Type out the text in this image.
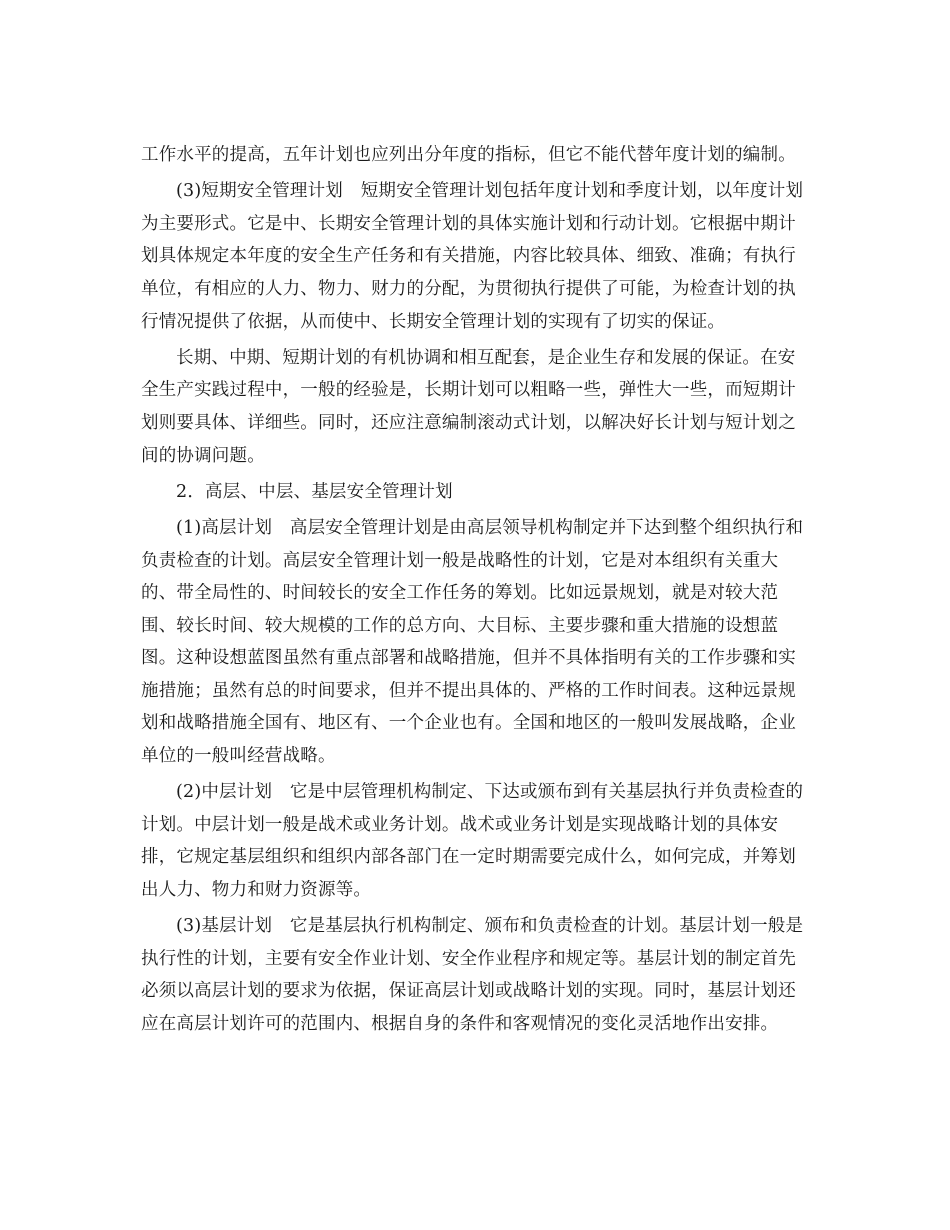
工作水平的提高，五年计划也应列出分年度的指标，但它不能代替年度计划的编制。

(3)短期安全管理计划　短期安全管理计划包括年度计划和季度计划，以年度计划为主要形式。它是中、长期安全管理计划的具体实施计划和行动计划。它根据中期计划具体规定本年度的安全生产任务和有关措施，内容比较具体、细致、准确；有执行单位，有相应的人力、物力、财力的分配，为贯彻执行提供了可能，为检查计划的执行情况提供了依据，从而使中、长期安全管理计划的实现有了切实的保证。

长期、中期、短期计划的有机协调和相互配套，是企业生存和发展的保证。在安全生产实践过程中，一般的经验是，长期计划可以粗略一些，弹性大一些，而短期计划则要具体、详细些。同时，还应注意编制滚动式计划，以解决好长计划与短计划之间的协调问题。

2．高层、中层、基层安全管理计划

(1)高层计划　高层安全管理计划是由高层领导机构制定并下达到整个组织执行和负责检查的计划。高层安全管理计划一般是战略性的计划，它是对本组织有关重大的、带全局性的、时间较长的安全工作任务的筹划。比如远景规划，就是对较大范围、较长时间、较大规模的工作的总方向、大目标、主要步骤和重大措施的设想蓝图。这种设想蓝图虽然有重点部署和战略措施，但并不具体指明有关的工作步骤和实施措施；虽然有总的时间要求，但并不提出具体的、严格的工作时间表。这种远景规划和战略措施全国有、地区有、一个企业也有。全国和地区的一般叫发展战略，企业单位的一般叫经营战略。

(2)中层计划　它是中层管理机构制定、下达或颁布到有关基层执行并负责检查的计划。中层计划一般是战术或业务计划。战术或业务计划是实现战略计划的具体安排，它规定基层组织和组织内部各部门在一定时期需要完成什么，如何完成，并筹划出人力、物力和财力资源等。

(3)基层计划　它是基层执行机构制定、颁布和负责检查的计划。基层计划一般是执行性的计划，主要有安全作业计划、安全作业程序和规定等。基层计划的制定首先必须以高层计划的要求为依据，保证高层计划或战略计划的实现。同时，基层计划还应在高层计划许可的范围内、根据自身的条件和客观情况的变化灵活地作出安排。
